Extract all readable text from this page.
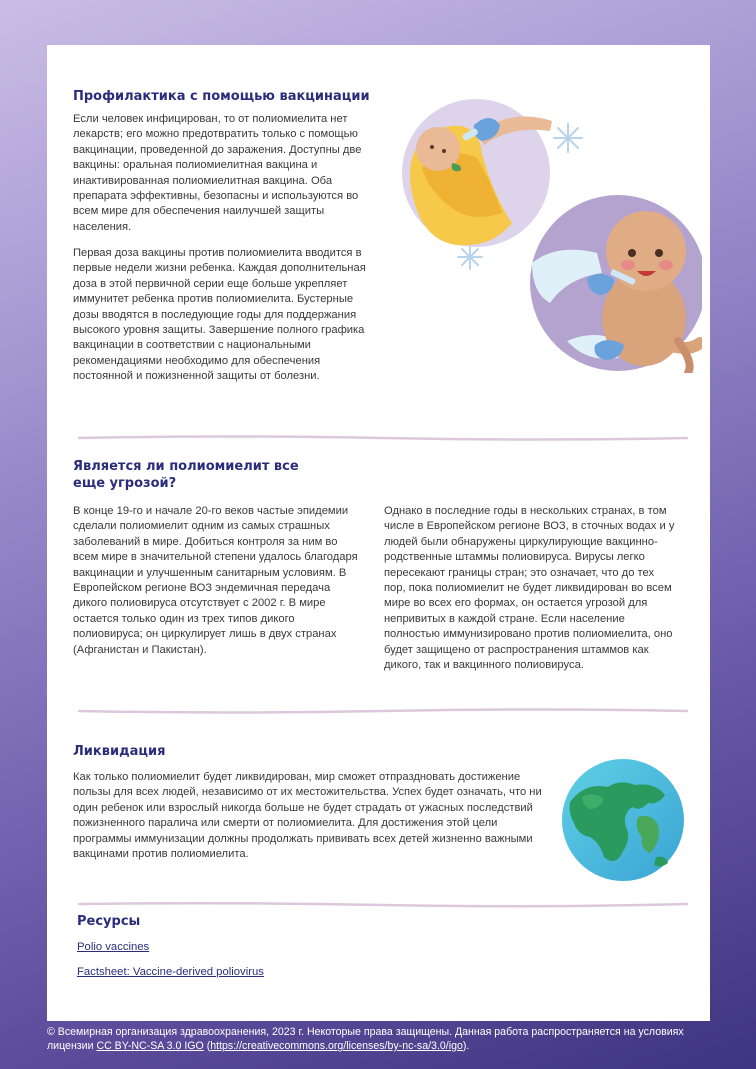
Профилактика с помощью вакцинации

Если человек инфицирован, то от полиомиелита нет лекарств; его можно предотвратить только с помощью вакцинации, проведенной до заражения. Доступны две вакцины: оральная полиомиелитная вакцина и инактивированная полиомиелитная вакцина. Оба препарата эффективны, безопасны и используются во всем мире для обеспечения наилучшей защиты населения.

Первая доза вакцины против полиомиелита вводится в первые недели жизни ребенка. Каждая дополнительная доза в этой первичной серии еще больше укрепляет иммунитет ребенка против полиомиелита. Бустерные дозы вводятся в последующие годы для поддержания высокого уровня защиты. Завершение полного графика вакцинации в соответствии с национальными рекомендациями необходимо для обеспечения постоянной и пожизненной защиты от болезни.

Является ли полиомиелит все еще угрозой?

В конце 19-го и начале 20-го веков частые эпидемии сделали полиомиелит одним из самых страшных заболеваний в мире. Добиться контроля за ним во всем мире в значительной степени удалось благодаря вакцинации и улучшенным санитарным условиям. В Европейском регионе ВОЗ эндемичная передача дикого полиовируса отсутствует с 2002 г. В мире остается только один из трех типов дикого полиовируса; он циркулирует лишь в двух странах (Афганистан и Пакистан).

Однако в последние годы в нескольких странах, в том числе в Европейском регионе ВОЗ, в сточных водах и у людей были обнаружены циркулирующие вакцинно-родственные штаммы полиовируса. Вирусы легко пересекают границы стран; это означает, что до тех пор, пока полиомиелит не будет ликвидирован во всем мире во всех его формах, он остается угрозой для непривитых в каждой стране. Если население полностью иммунизировано против полиомиелита, оно будет защищено от распространения штаммов как дикого, так и вакцинного полиовируса.

Ликвидация

Как только полиомиелит будет ликвидирован, мир сможет отпраздновать достижение пользы для всех людей, независимо от их местожительства. Успех будет означать, что ни один ребенок или взрослый никогда больше не будет страдать от ужасных последствий пожизненного паралича или смерти от полиомиелита. Для достижения этой цели программы иммунизации должны продолжать прививать всех детей жизненно важными вакцинами против полиомиелита.

Ресурсы
Polio vaccines
Factsheet: Vaccine-derived poliovirus
© Всемирная организация здравоохранения, 2023 г. Некоторые права защищены. Данная работа распространяется на условиях лицензии CC BY-NC-SA 3.0 IGO (https://creativecommons.org/licenses/by-nc-sa/3.0/igo).
